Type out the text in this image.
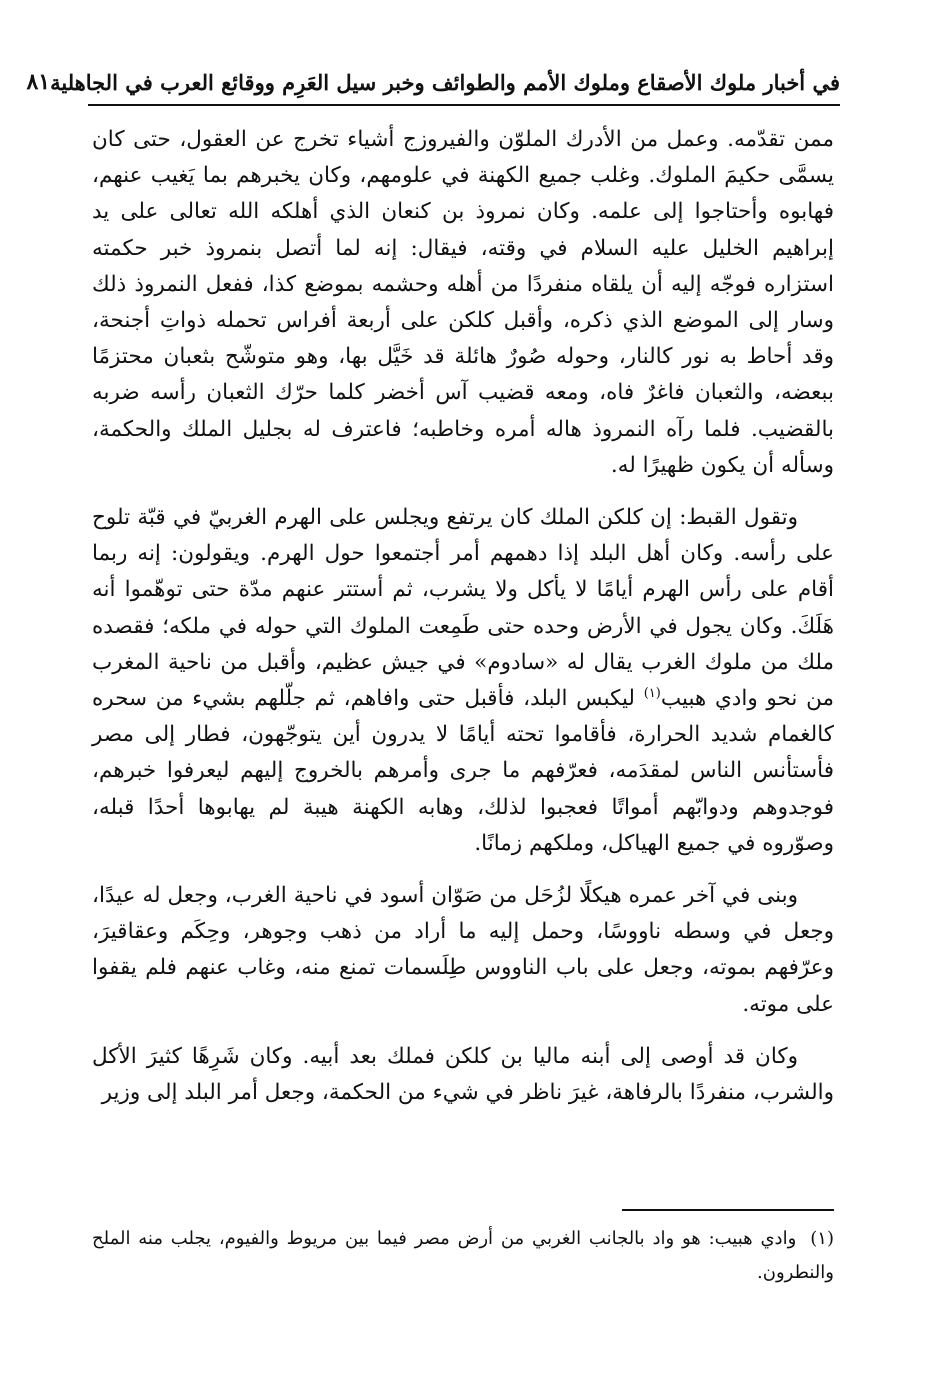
في أخبار ملوك الأصقاع وملوك الأمم والطوائف وخبر سيل العَرِم ووقائع العرب في الجاهلية
٨١

ممن تقدّمه. وعمل من الأدرك الملوّن والفيروزج أشياء تخرج عن العقول، حتى كان يسمَّى حكيمَ الملوك. وغلب جميع الكهنة في علومهم، وكان يخبرهم بما يَغيب عنهم، فهابوه وأحتاجوا إلى علمه. وكان نمروذ بن كنعان الذي أهلكه الله تعالى على يد إبراهيم الخليل عليه السلام في وقته، فيقال: إنه لما أتصل بنمروذ خبر حكمته استزاره فوجّه إليه أن يلقاه منفردًا من أهله وحشمه بموضع كذا، ففعل النمروذ ذلك وسار إلى الموضع الذي ذكره، وأقبل كلكن على أربعة أفراس تحمله ذواتِ أجنحة، وقد أحاط به نور كالنار، وحوله صُورٌ هائلة قد خَيَّل بها، وهو متوشّح بثعبان محتزمًا ببعضه، والثعبان فاغرٌ فاه، ومعه قضيب آس أخضر كلما حرّك الثعبان رأسه ضربه بالقضيب. فلما رآه النمروذ هاله أمره وخاطبه؛ فاعترف له بجليل الملك والحكمة، وسأله أن يكون ظهيرًا له.

وتقول القبط: إن كلكن الملك كان يرتفع ويجلس على الهرم الغربيّ في قبّة تلوح على رأسه. وكان أهل البلد إذا دهمهم أمر أجتمعوا حول الهرم. ويقولون: إنه ربما أقام على رأس الهرم أيامًا لا يأكل ولا يشرب، ثم أستتر عنهم مدّة حتى توهّموا أنه هَلَكَ. وكان يجول في الأرض وحده حتى طَمِعت الملوك التي حوله في ملكه؛ فقصده ملك من ملوك الغرب يقال له «سادوم» في جيش عظيم، وأقبل من ناحية المغرب من نحو وادي هبيب$^{(١)}$ ليكبس البلد، فأقبل حتى وافاهم، ثم جلّلهم بشيء من سحره كالغمام شديد الحرارة، فأقاموا تحته أيامًا لا يدرون أين يتوجّهون، فطار إلى مصر فأستأنس الناس لمقدَمه، فعرّفهم ما جرى وأمرهم بالخروج إليهم ليعرفوا خبرهم، فوجدوهم ودوابّهم أمواتًا فعجبوا لذلك، وهابه الكهنة هيبة لم يهابوها أحدًا قبله، وصوّروه في جميع الهياكل، وملكهم زمانًا.

وبنى في آخر عمره هيكلًا لزُحَل من صَوّان أسود في ناحية الغرب، وجعل له عيدًا، وجعل في وسطه ناووسًا، وحمل إليه ما أراد من ذهب وجوهر، وحِكَم وعقاقيرَ، وعرّفهم بموته، وجعل على باب الناووس طِلَسمات تمنع منه، وغاب عنهم فلم يقفوا على موته.

وكان قد أوصى إلى أبنه ماليا بن كلكن فملك بعد أبيه. وكان شَرِهًا كثيرَ الأكل والشرب، منفردًا بالرفاهة، غيرَ ناظر في شيء من الحكمة، وجعل أمر البلد إلى وزير

(١)وادي هبيب: هو واد بالجانب الغربي من أرض مصر فيما بين مريوط والفيوم، يجلب منه الملح والنطرون.
